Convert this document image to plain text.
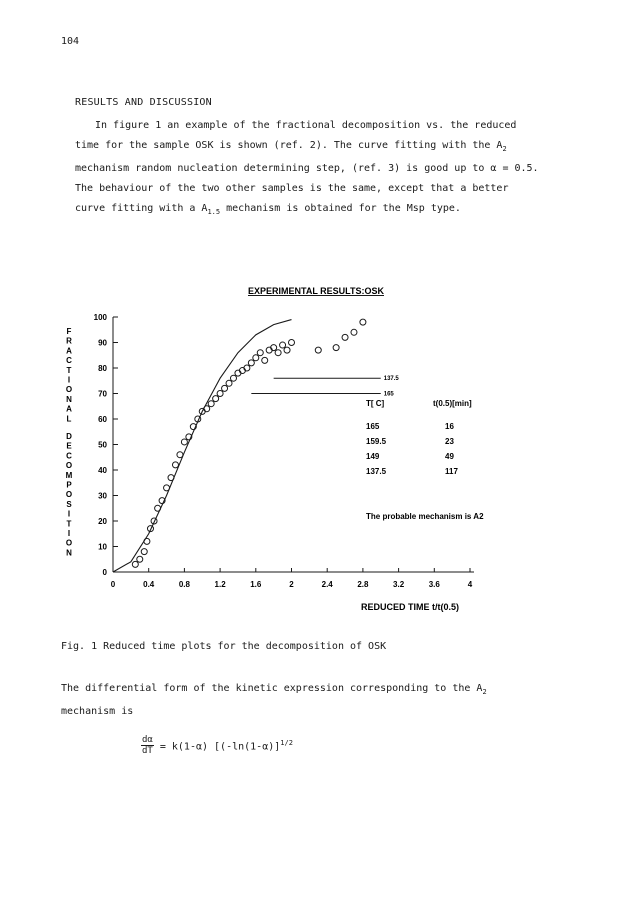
104
RESULTS AND DISCUSSION
In figure 1 an example of the fractional decomposition vs. the reduced
time for the sample OSK is shown (ref. 2). The curve fitting with the $A_2$
mechanism random nucleation determining step, (ref. 3) is good up to α = 0.5.
The behaviour of the two other samples is the same, except that a better
curve fitting with a $A_{1.5}$ mechanism is obtained for the Msp type.
EXPERIMENTAL RESULTS:OSK
F
R
A
C
T
I
O
N
A
L
D
E
C
O
M
P
O
S
I
T
I
O
N
0
10
20
30
40
50
60
70
80
90
100
0	0.4	0.8	1.2	1.6	2	2.4	2.8	3.2	3.6	4
REDUCED TIME t/t(0.5)
137.5
165
T[ C]	t(0.5)[min]
165	16
159.5	23
149	49
137.5	117
The probable mechanism is A2
Fig. 1 Reduced time plots for the decomposition of OSK
The differential form of the kinetic expression corresponding to the $A_2$
mechanism is
$\frac{d\alpha}{dT} = k(1-\alpha)$ [$(-\ln(1-\alpha)]^{1/2}$
